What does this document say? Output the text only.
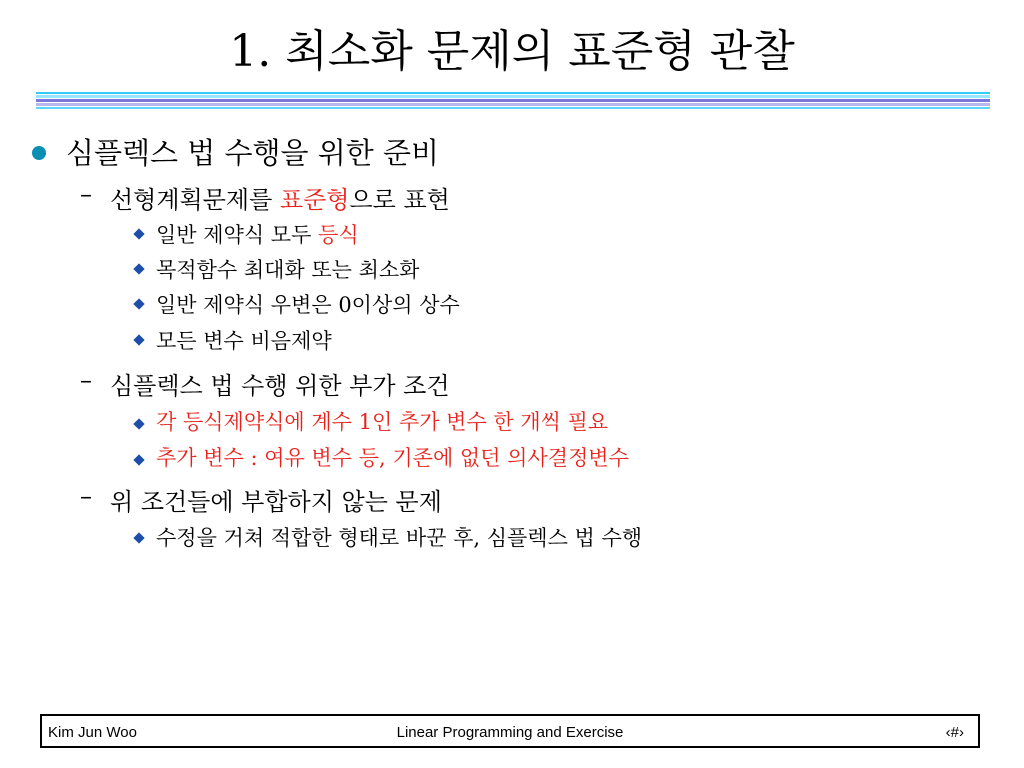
1. 최소화 문제의 표준형 관찰
심플렉스 법 수행을 위한 준비
– 선형계획문제를 표준형으로 표현
일반 제약식 모두 등식
목적함수 최대화 또는 최소화
일반 제약식 우변은 0이상의 상수
모든 변수 비음제약
– 심플렉스 법 수행 위한 부가 조건
각 등식제약식에 계수 1인 추가 변수 한 개씩 필요
추가 변수 : 여유 변수 등, 기존에 없던 의사결정변수
– 위 조건들에 부합하지 않는 문제
수정을 거쳐 적합한 형태로 바꾼 후, 심플렉스 법 수행
Kim Jun Woo	Linear Programming and Exercise	‹#›
